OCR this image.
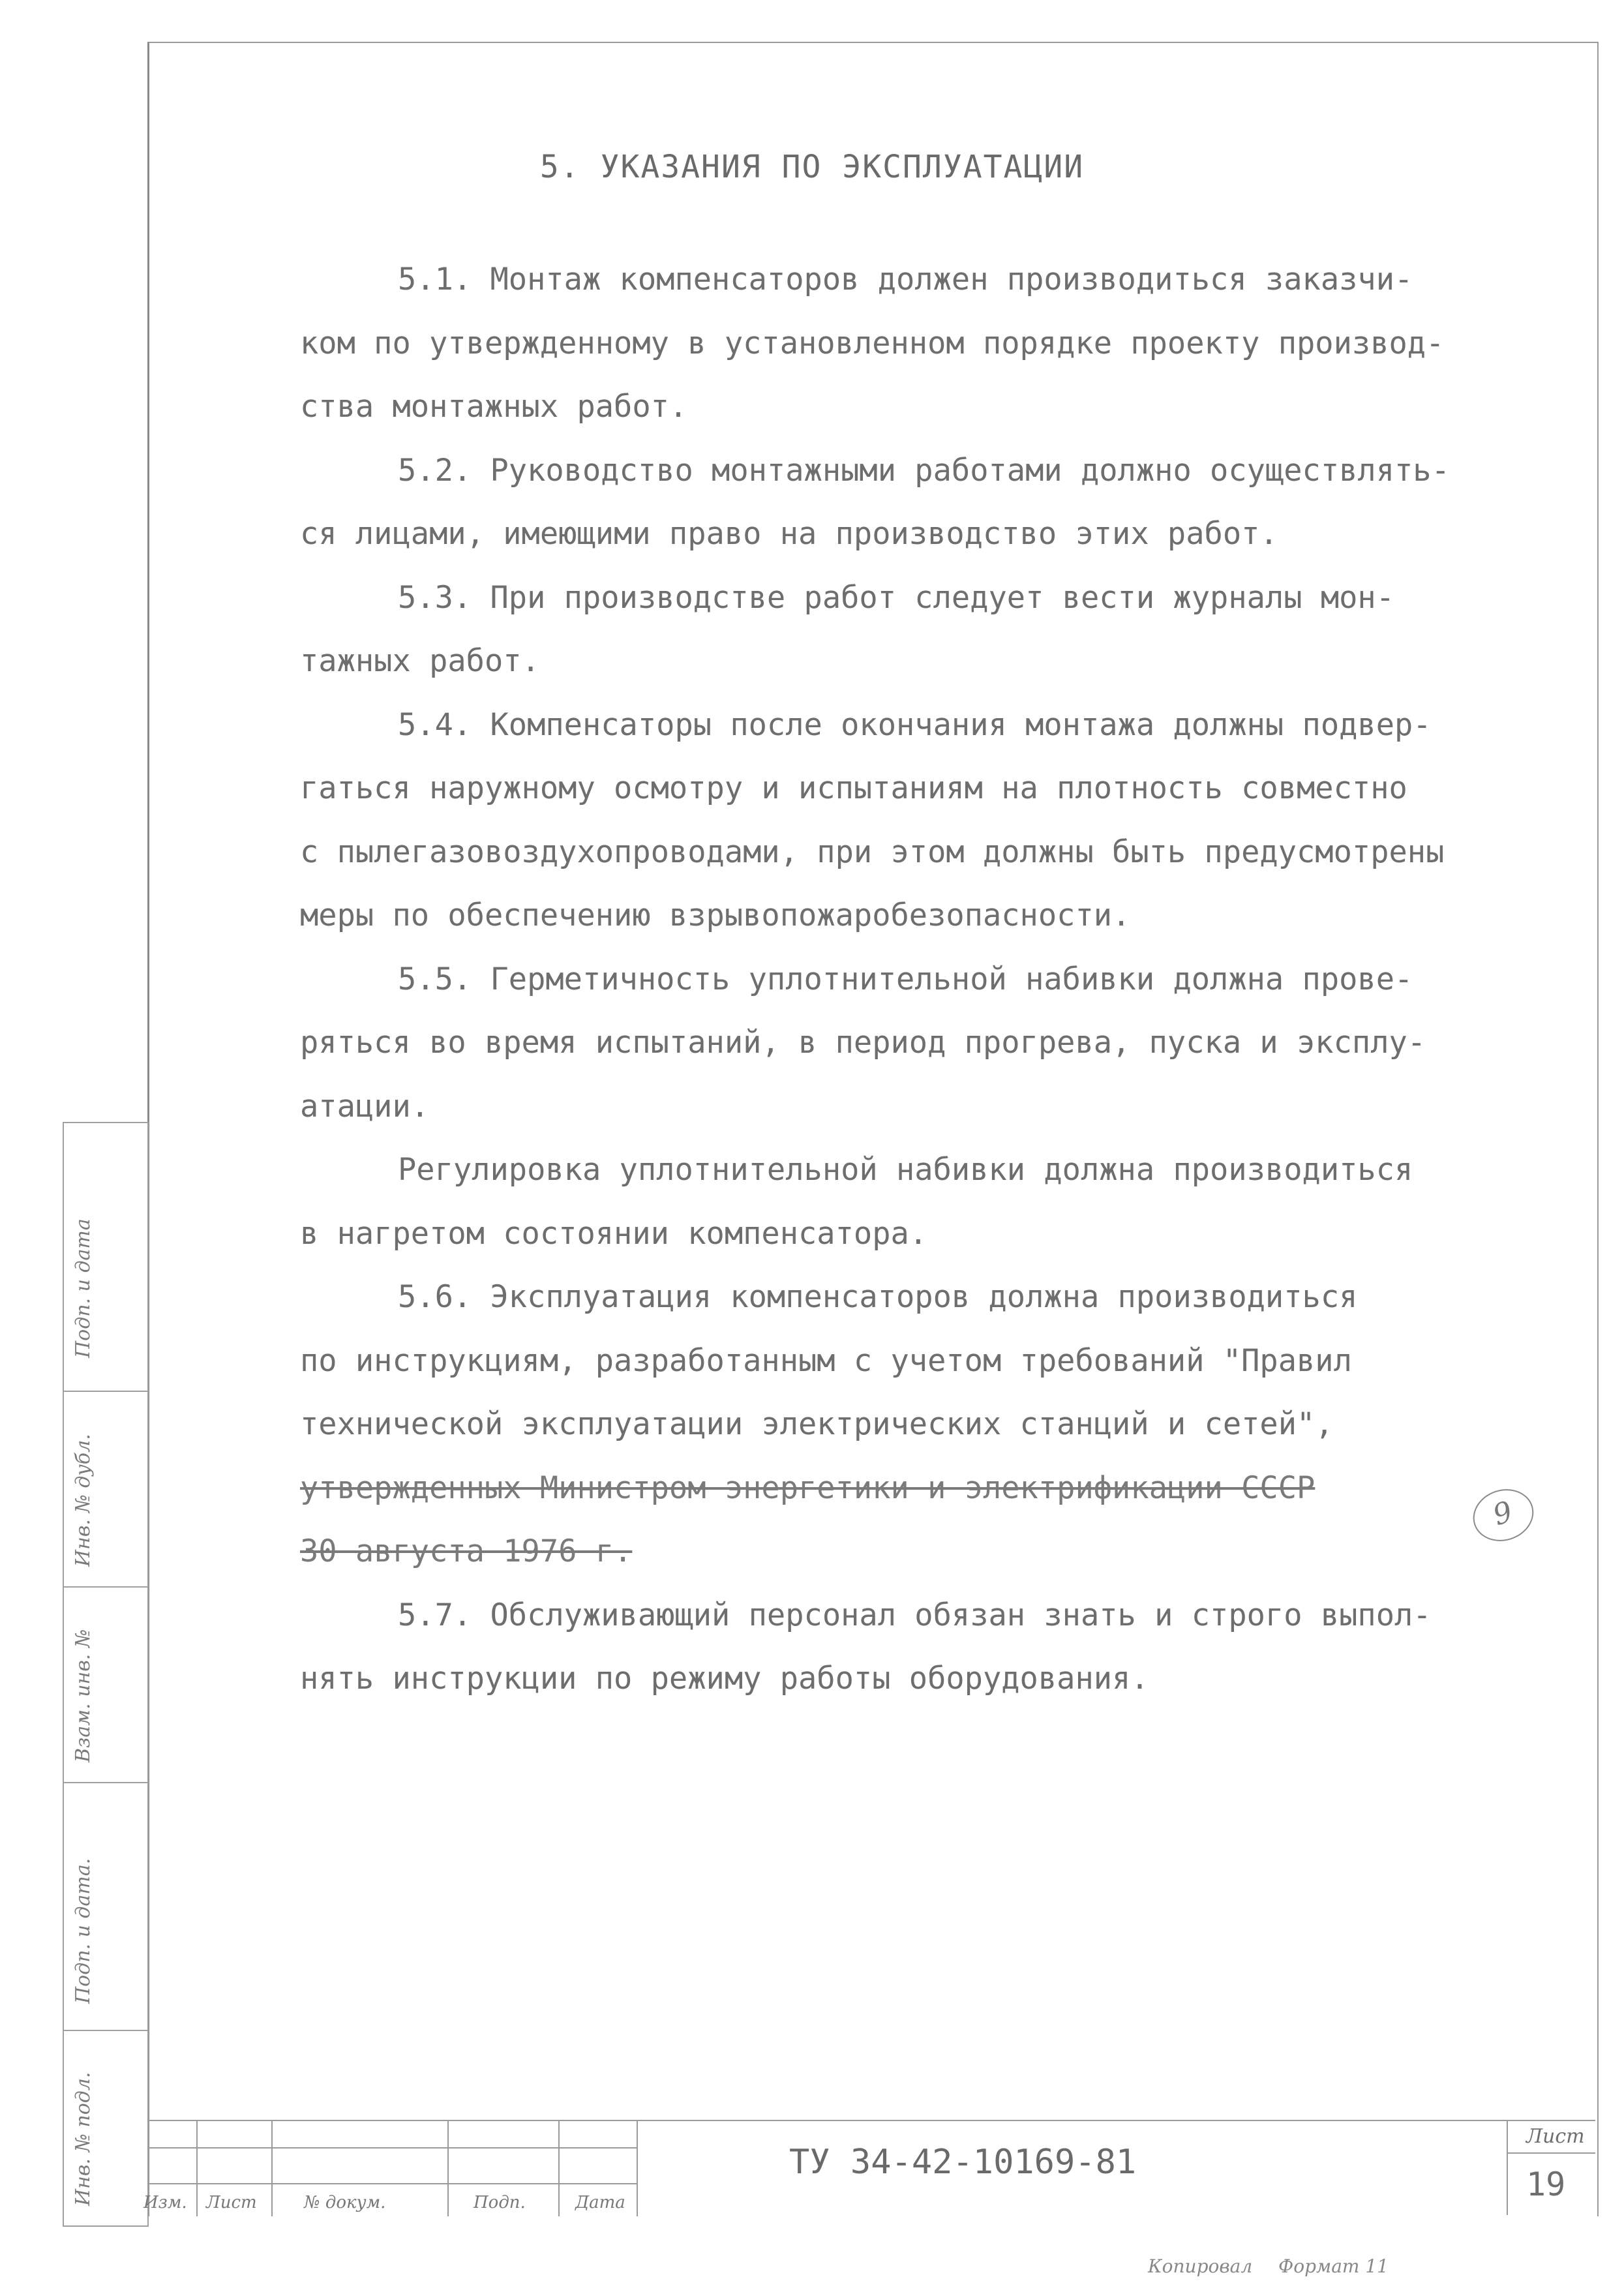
Подп. и дата
Инв. № дубл.
Взам. инв. №
Подп. и дата.
Инв. № подл.
5. УКАЗАНИЯ ПО ЭКСПЛУАТАЦИИ

5.1. Монтаж компенсаторов должен производиться заказчи-

ком по утвержденному в установленном порядке проекту производ-

ства монтажных работ.

5.2. Руководство монтажными работами должно осуществлять-

ся лицами, имеющими право на производство этих работ.

5.3. При производстве работ следует вести журналы мон-

тажных работ.

5.4. Компенсаторы после окончания монтажа должны подвер-

гаться наружному осмотру и испытаниям на плотность совместно

с пылегазовоздухопроводами, при этом должны быть предусмотрены

меры по обеспечению взрывопожаробезопасности.

5.5. Герметичность уплотнительной набивки должна прове-

ряться во время испытаний, в период прогрева, пуска и эксплу-

атации.

Регулировка уплотнительной набивки должна производиться

в нагретом состоянии компенсатора.

5.6. Эксплуатация компенсаторов должна производиться

по инструкциям, разработанным с учетом требований "Правил

технической эксплуатации электрических станций и сетей",

утвержденных Министром энергетики и электрификации СССР

30 августа 1976 г.

5.7. Обслуживающий персонал обязан знать и строго выпол-

нять инструкции по режиму работы оборудования.

9
Изм. Лист	№ докум.	Подп.	Дата
ТУ 34-42-10169-81
Лист
19
Копировал Формат 11
